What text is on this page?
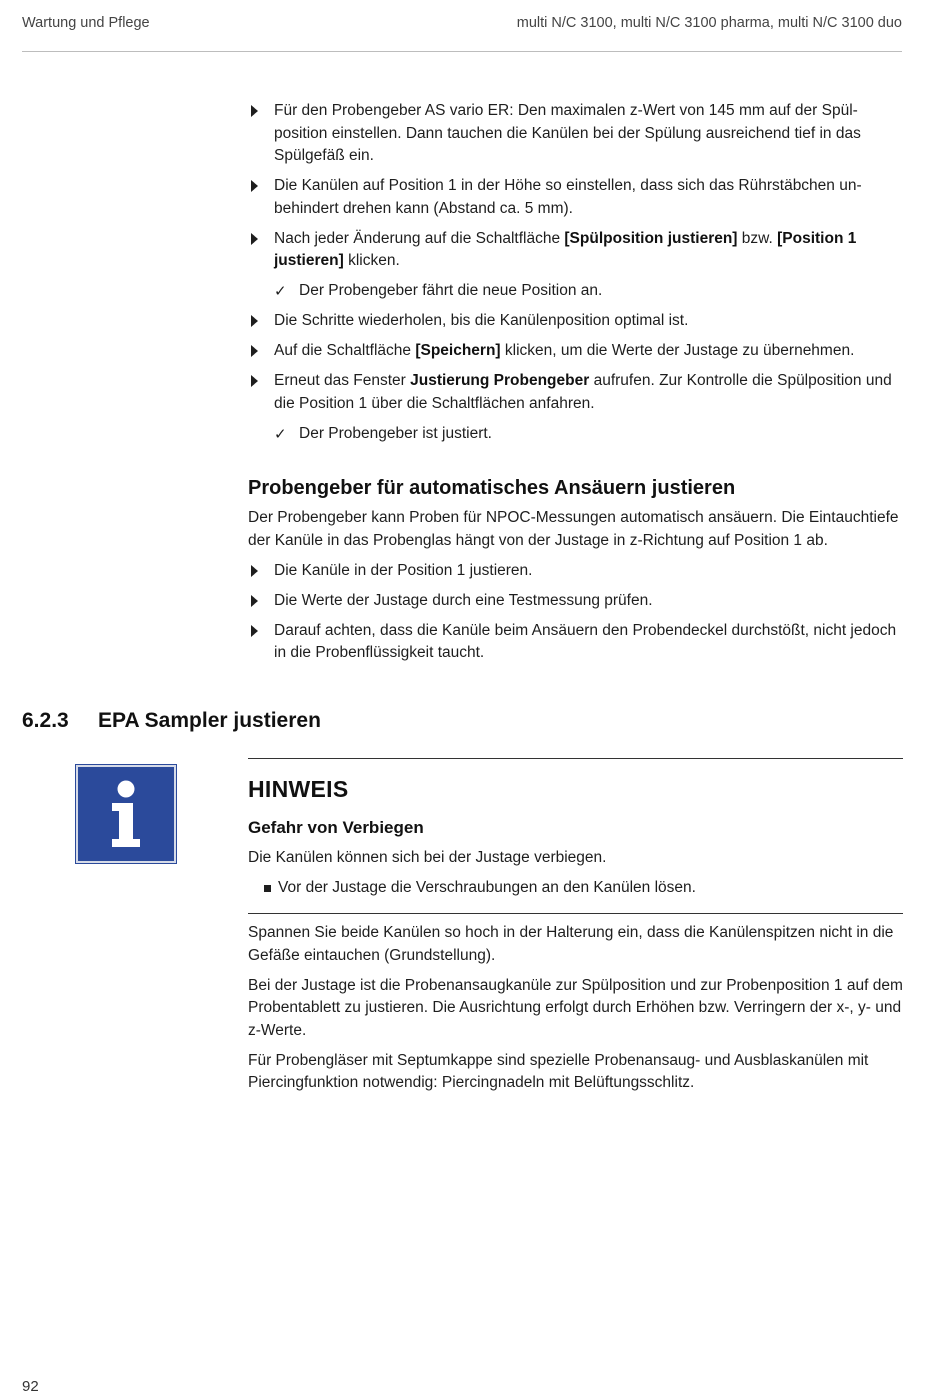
Wartung und Pflege	multi N/C 3100, multi N/C 3100 pharma, multi N/C 3100 duo
Für den Probengeber AS vario ER: Den maximalen z-Wert von 145 mm auf der Spülposition einstellen. Dann tauchen die Kanülen bei der Spülung ausreichend tief in das Spülgefäß ein.
Die Kanülen auf Position 1 in der Höhe so einstellen, dass sich das Rührstäbchen unbehindert drehen kann (Abstand ca. 5 mm).
Nach jeder Änderung auf die Schaltfläche [Spülposition justieren] bzw. [Position 1 justieren] klicken.
✓ Der Probengeber fährt die neue Position an.
Die Schritte wiederholen, bis die Kanülenposition optimal ist.
Auf die Schaltfläche [Speichern] klicken, um die Werte der Justage zu übernehmen.
Erneut das Fenster Justierung Probengeber aufrufen. Zur Kontrolle die Spülposition und die Position 1 über die Schaltflächen anfahren.
✓ Der Probengeber ist justiert.
Probengeber für automatisches Ansäuern justieren

Der Probengeber kann Proben für NPOC-Messungen automatisch ansäuern. Die Eintauchtiefe der Kanüle in das Probenglas hängt von der Justage in z-Richtung auf Position 1 ab.

Die Kanüle in der Position 1 justieren.
Die Werte der Justage durch eine Testmessung prüfen.
Darauf achten, dass die Kanüle beim Ansäuern den Probendeckel durchstößt, nicht jedoch in die Probenflüssigkeit taucht.
6.2.3 EPA Sampler justieren
HINWEIS
Gefahr von Verbiegen
Die Kanülen können sich bei der Justage verbiegen.
Vor der Justage die Verschraubungen an den Kanülen lösen.

Spannen Sie beide Kanülen so hoch in der Halterung ein, dass die Kanülenspitzen nicht in die Gefäße eintauchen (Grundstellung).

Bei der Justage ist die Probenansaugkanüle zur Spülposition und zur Probenposition 1 auf dem Probentablett zu justieren. Die Ausrichtung erfolgt durch Erhöhen bzw. Verringern der x-, y- und z-Werte.

Für Probengläser mit Septumkappe sind spezielle Probenansaug- und Ausblaskanülen mit Piercingfunktion notwendig: Piercingnadeln mit Belüftungsschlitz.

92
